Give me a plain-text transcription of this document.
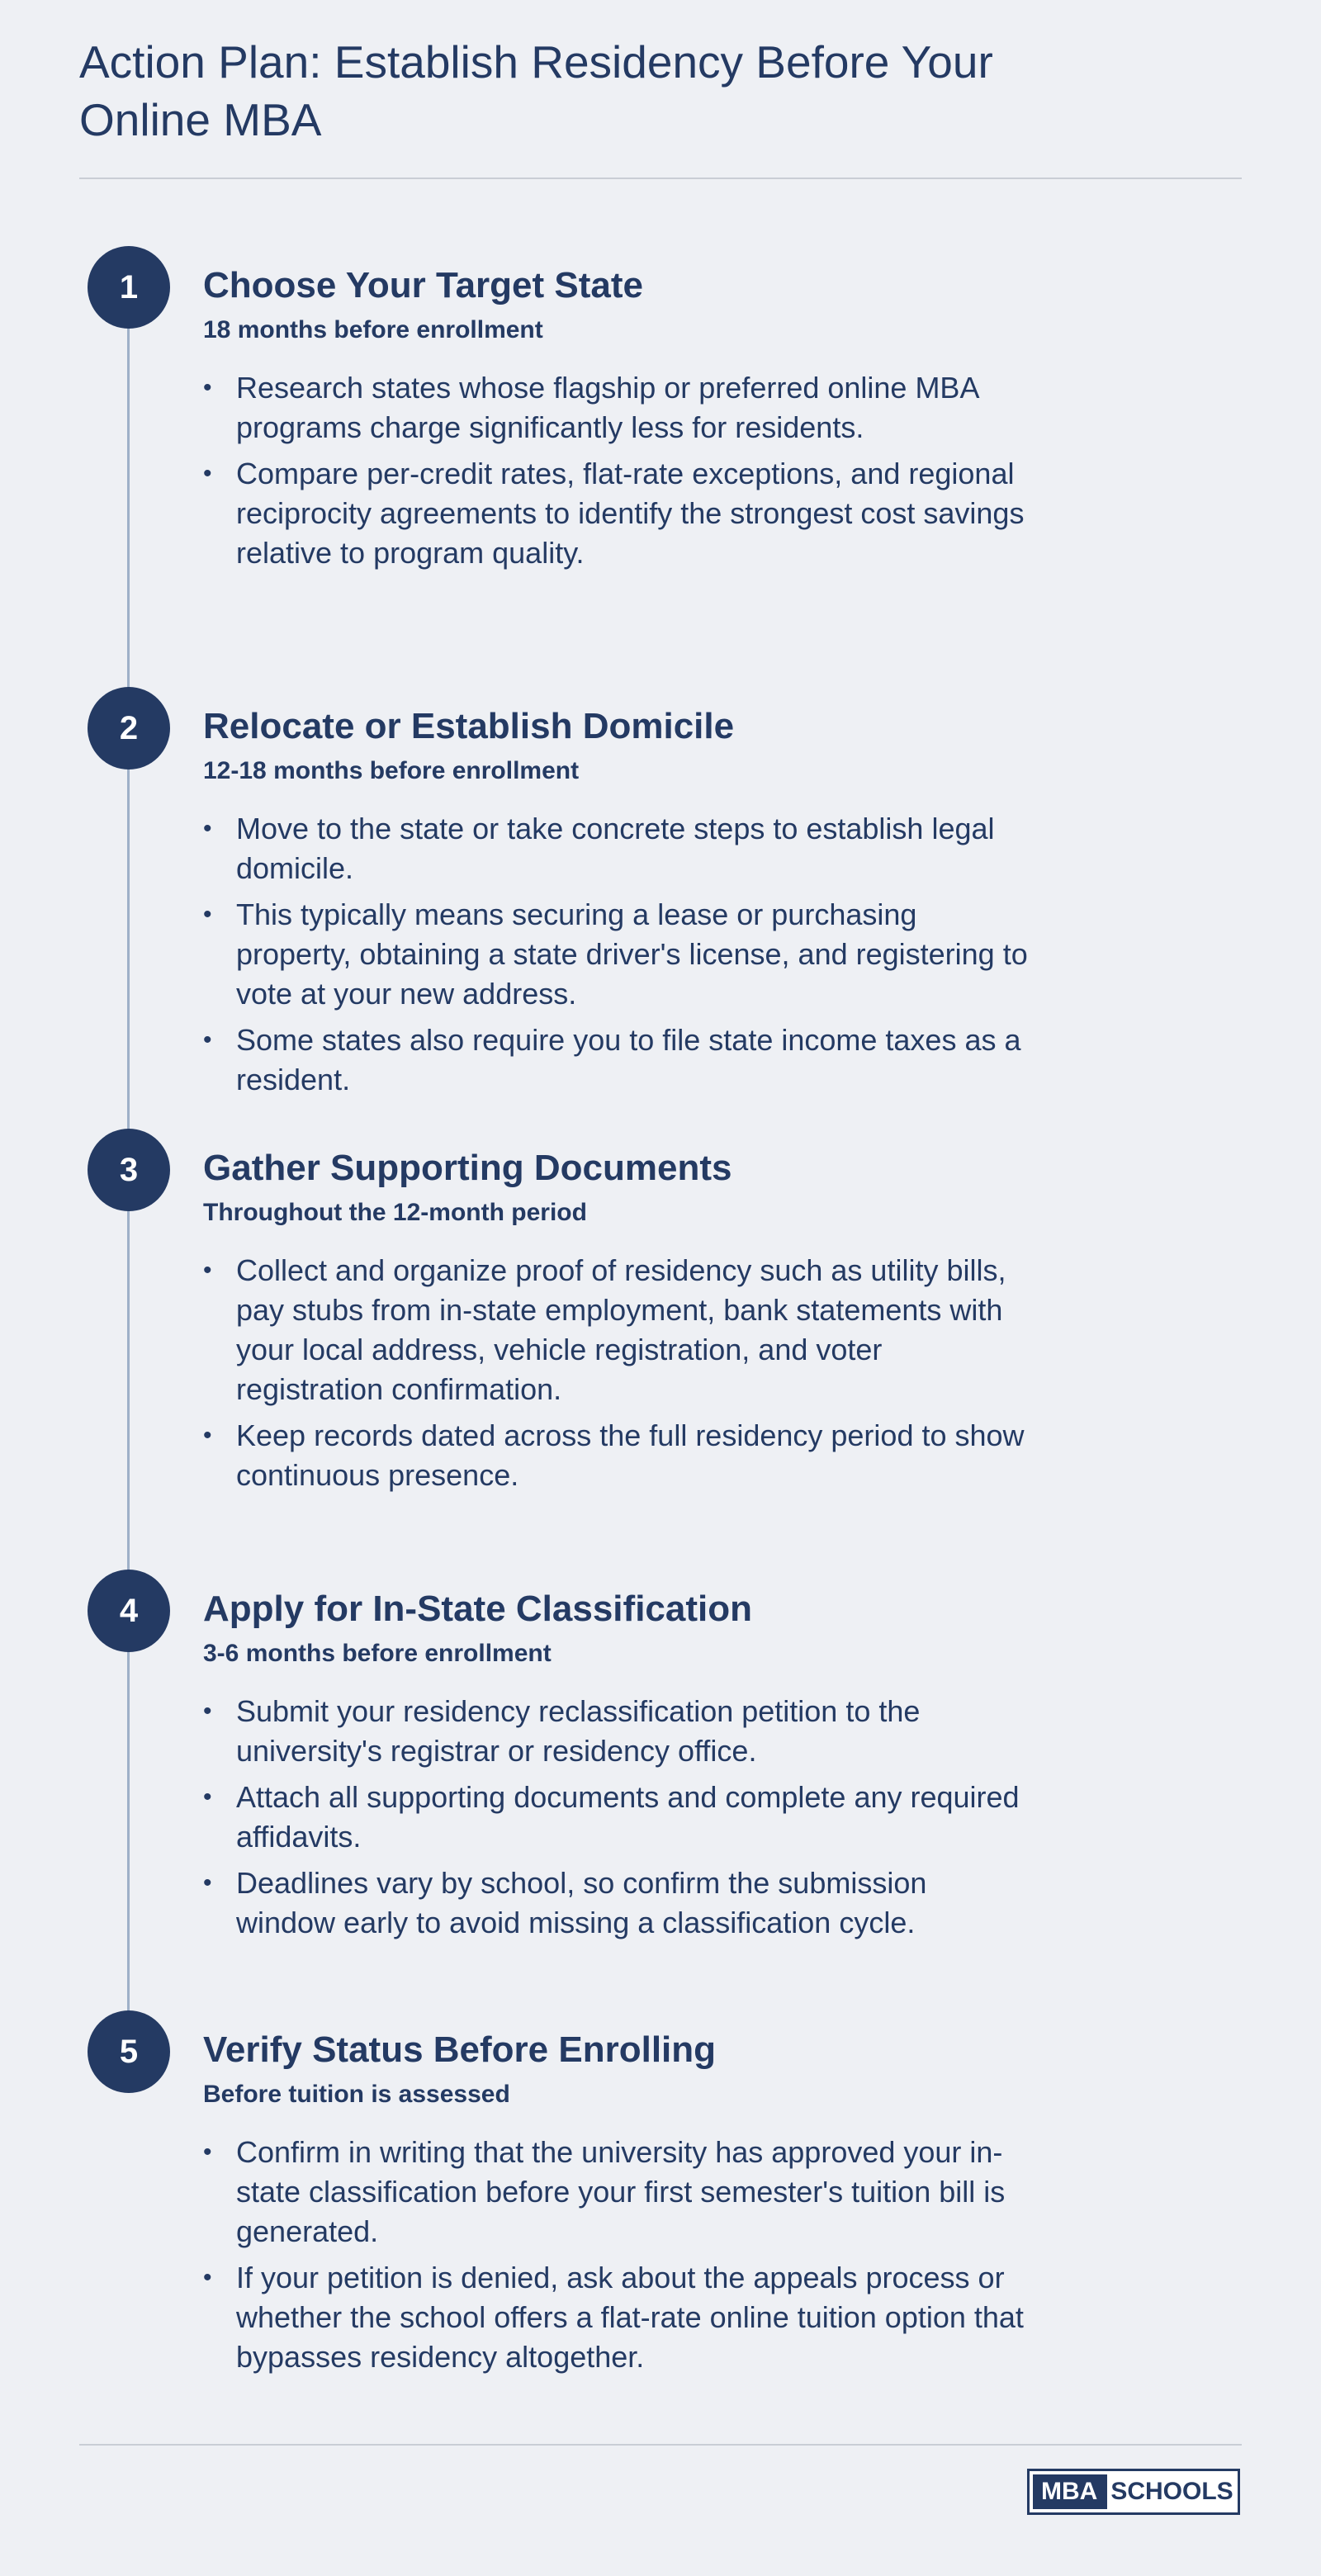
Action Plan: Establish Residency Before Your Online MBA
1	Choose Your Target State
18 months before enrollment
• Research states whose flagship or preferred online MBA programs charge significantly less for residents.
• Compare per-credit rates, flat-rate exceptions, and regional reciprocity agreements to identify the strongest cost savings relative to program quality.
2	Relocate or Establish Domicile
12-18 months before enrollment
• Move to the state or take concrete steps to establish legal domicile.
• This typically means securing a lease or purchasing property, obtaining a state driver's license, and registering to vote at your new address.
• Some states also require you to file state income taxes as a resident.
3	Gather Supporting Documents
Throughout the 12-month period
• Collect and organize proof of residency such as utility bills, pay stubs from in-state employment, bank statements with your local address, vehicle registration, and voter registration confirmation.
• Keep records dated across the full residency period to show continuous presence.
4	Apply for In-State Classification
3-6 months before enrollment
• Submit your residency reclassification petition to the university's registrar or residency office.
• Attach all supporting documents and complete any required affidavits.
• Deadlines vary by school, so confirm the submission window early to avoid missing a classification cycle.
5	Verify Status Before Enrolling
Before tuition is assessed
• Confirm in writing that the university has approved your in-state classification before your first semester's tuition bill is generated.
• If your petition is denied, ask about the appeals process or whether the school offers a flat-rate online tuition option that bypasses residency altogether.
MBA SCHOOLS
